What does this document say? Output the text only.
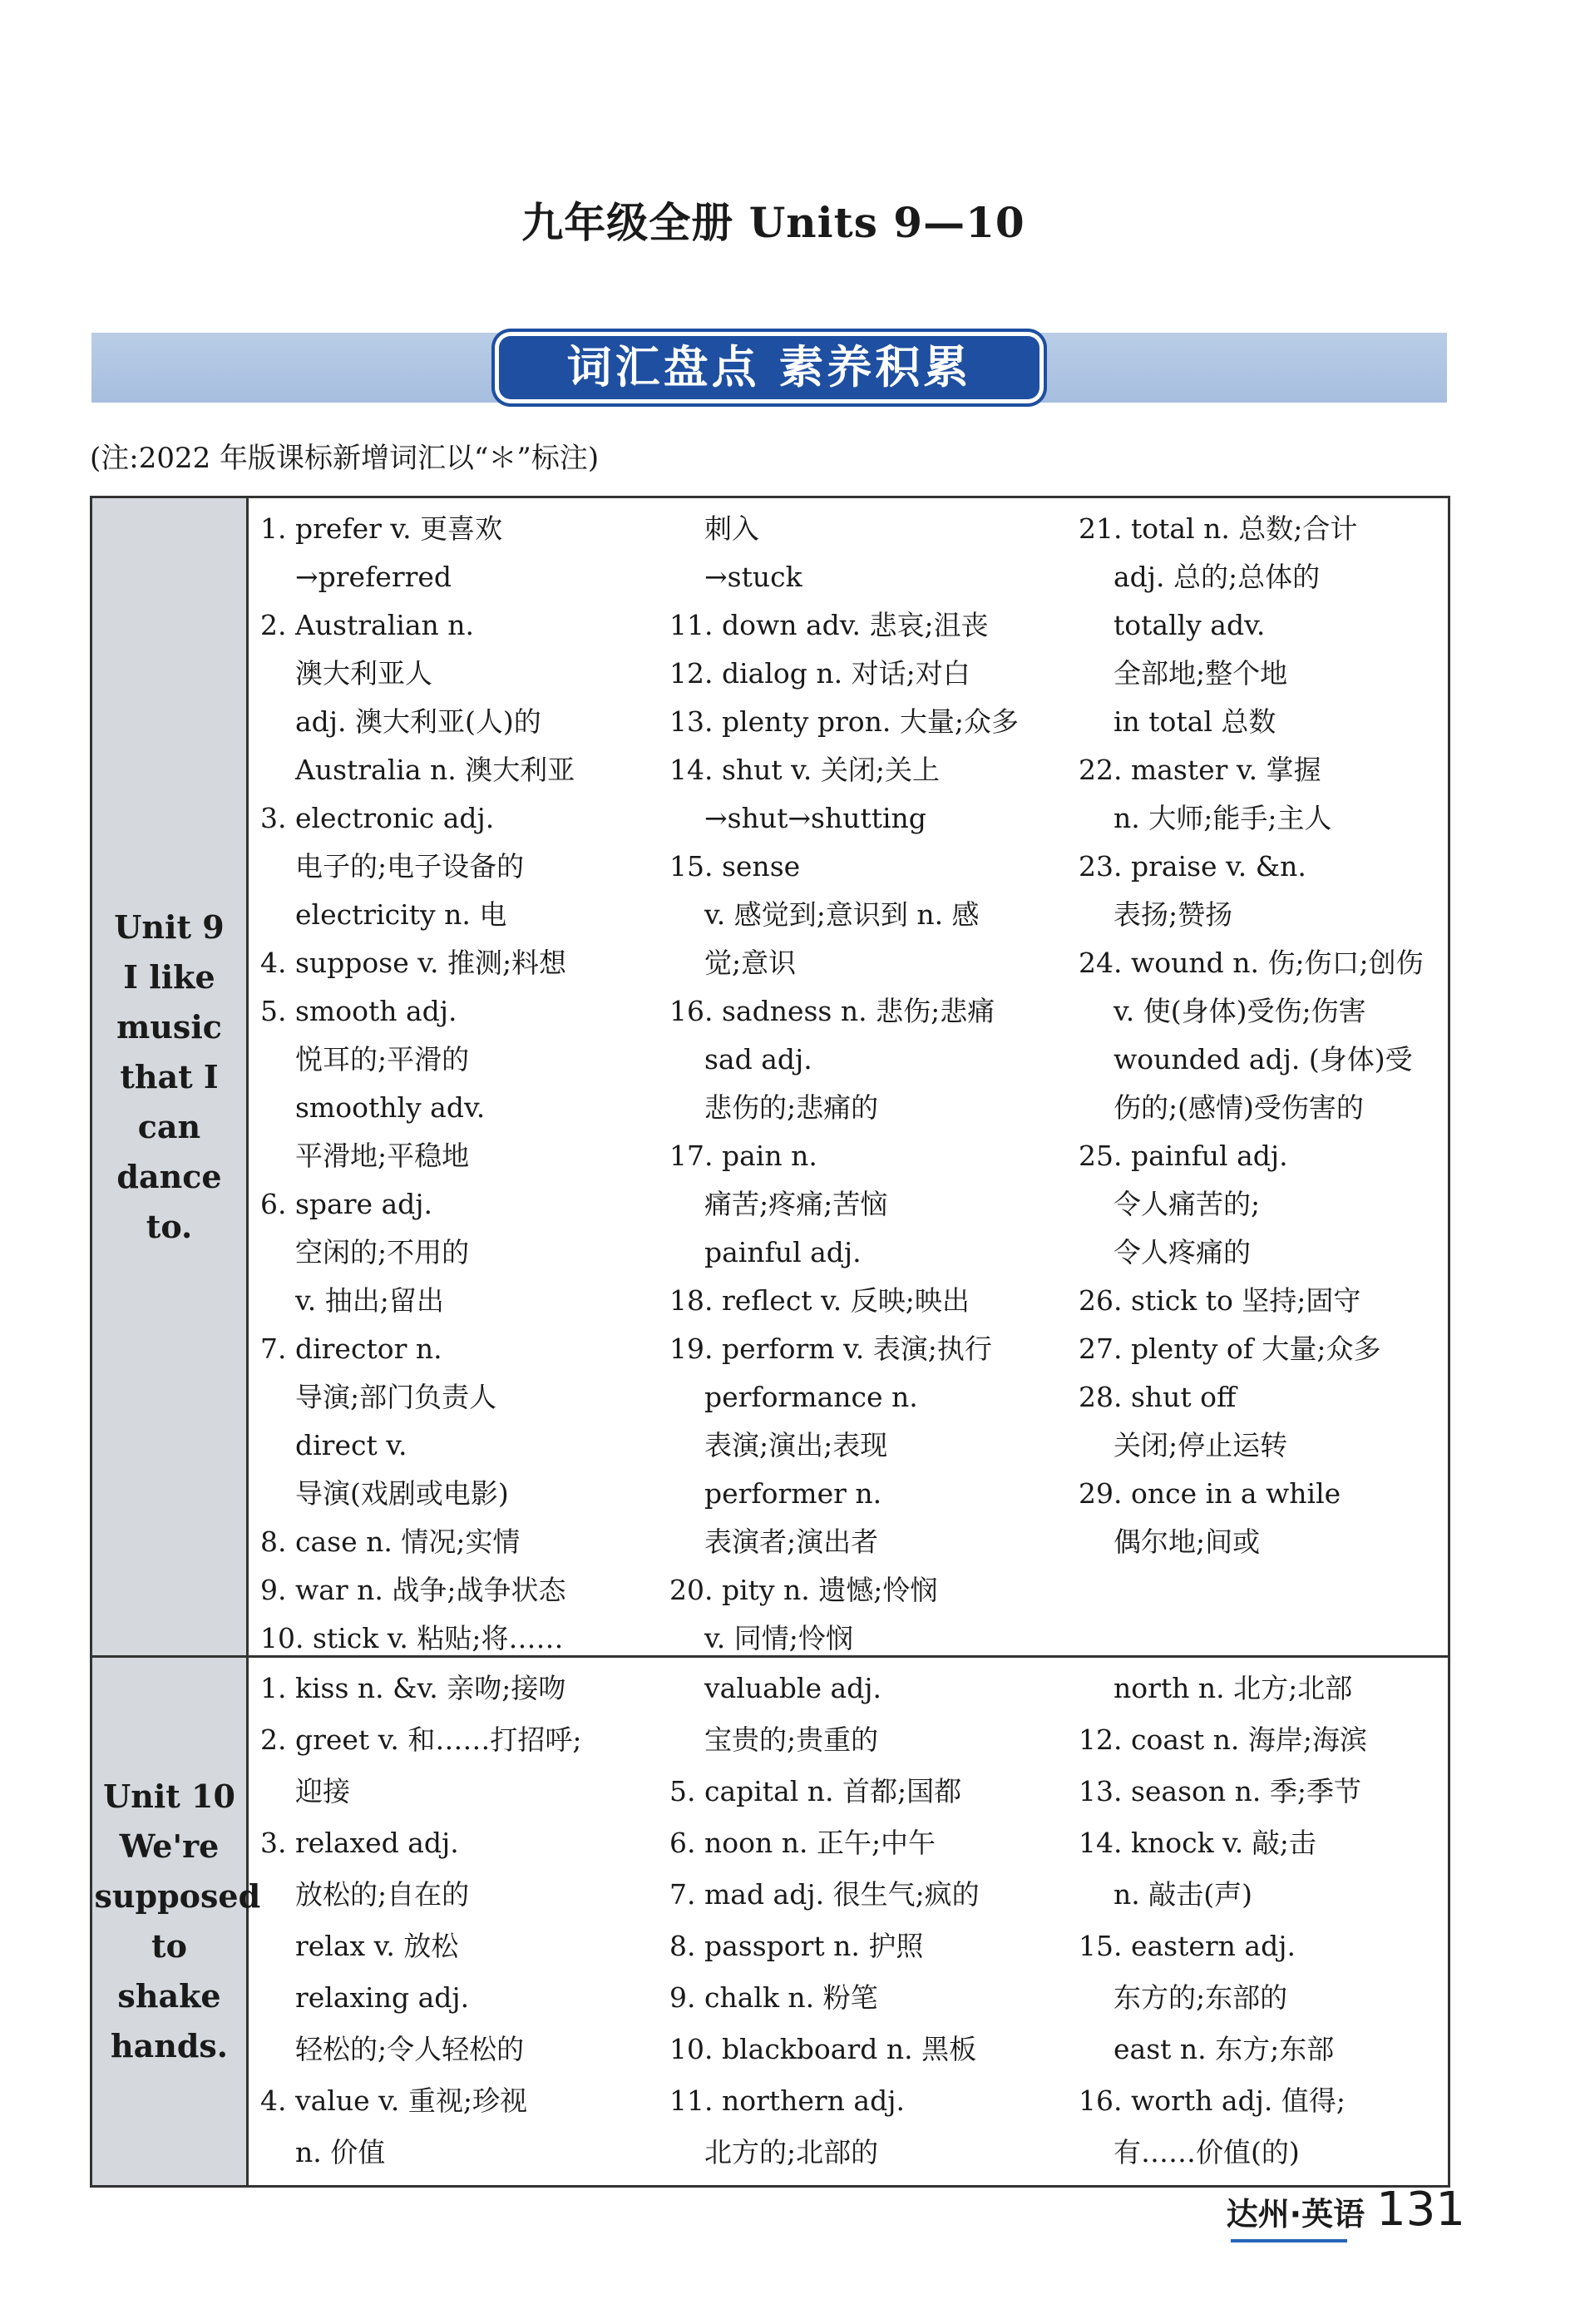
九年级全册 Units 9—10
词汇盘点 素养积累
(注:2022 年版课标新增词汇以“＊”标注)
Unit 9
I like
music
that I
can
dance to.
1. prefer v. 更喜欢
→preferred
2. Australian n.
澳大利亚人
adj. 澳大利亚(人)的
Australia n. 澳大利亚
3. electronic adj.
电子的;电子设备的
electricity n. 电
4. suppose v. 推测;料想
5. smooth adj.
悦耳的;平滑的
smoothly adv.
平滑地;平稳地
6. spare adj.
空闲的;不用的
v. 抽出;留出
7. director n.
导演;部门负责人
direct v.
导演(戏剧或电影)
8. case n. 情况;实情
9. war n. 战争;战争状态
10. stick v. 粘贴;将……
刺入
→stuck
11. down adv. 悲哀;沮丧
12. dialog n. 对话;对白
13. plenty pron. 大量;众多
14. shut v. 关闭;关上
→shut→shutting
15. sense
v. 感觉到;意识到 n. 感
觉;意识
16. sadness n. 悲伤;悲痛
sad adj.
悲伤的;悲痛的
17. pain n.
痛苦;疼痛;苦恼
painful adj.
18. reflect v. 反映;映出
19. perform v. 表演;执行
performance n.
表演;演出;表现
performer n.
表演者;演出者
20. pity n. 遗憾;怜悯
v. 同情;怜悯
21. total n. 总数;合计
adj. 总的;总体的
totally adv.
全部地;整个地
in total 总数
22. master v. 掌握
n. 大师;能手;主人
23. praise v. &n.
表扬;赞扬
24. wound n. 伤;伤口;创伤
v. 使(身体)受伤;伤害
wounded adj. (身体)受
伤的;(感情)受伤害的
25. painful adj.
令人痛苦的;
令人疼痛的
26. stick to 坚持;固守
27. plenty of 大量;众多
28. shut off
关闭;停止运转
29. once in a while
偶尔地;间或
Unit 10
We're
supposed
to shake
hands.
1. kiss n. &v. 亲吻;接吻
2. greet v. 和……打招呼;
迎接
3. relaxed adj.
放松的;自在的
relax v. 放松
relaxing adj.
轻松的;令人轻松的
4. value v. 重视;珍视
n. 价值
valuable adj.
宝贵的;贵重的
5. capital n. 首都;国都
6. noon n. 正午;中午
7. mad adj. 很生气;疯的
8. passport n. 护照
9. chalk n. 粉笔
10. blackboard n. 黑板
11. northern adj.
北方的;北部的
north n. 北方;北部
12. coast n. 海岸;海滨
13. season n. 季;季节
14. knock v. 敲;击
n. 敲击(声)
15. eastern adj.
东方的;东部的
east n. 东方;东部
16. worth adj. 值得;
有……价值(的)
达州·英语 131
